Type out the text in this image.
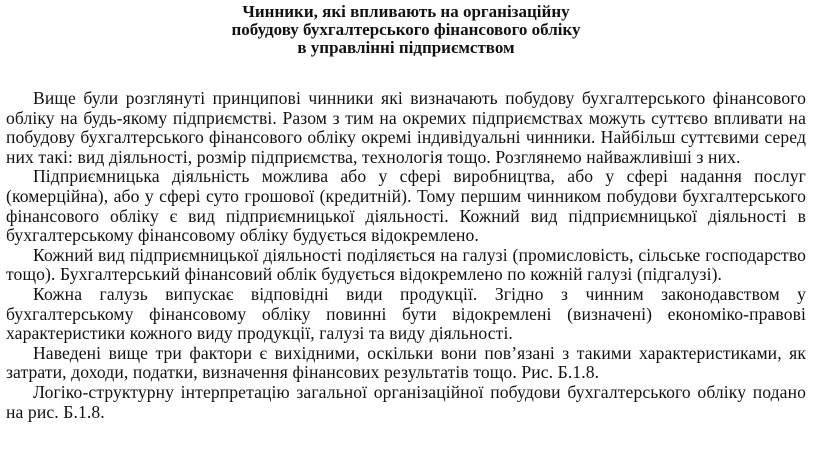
Чинники, які впливають на організаційну
побудову бухгалтерського фінансового обліку
в управлінні підприємством

Вище були розглянуті принципові чинники які визначають побудову бухгалтерського фінансового обліку на будь-якому підприємстві. Разом з тим на окремих підприємствах можуть суттєво впливати на побудову бухгалтерського фінансового обліку окремі індивідуальні чинники. Найбільш суттєвими серед них такі: вид діяльності, розмір підприємства, технологія тощо. Розглянемо найважливіші з них.

Підприємницька діяльність можлива або у сфері виробництва, або у сфері надання послуг (комерційна), або у сфері суто грошової (кредитній). Тому першим чинником побудови бухгалтерського фінансового обліку є вид підприємницької діяльності. Кожний вид підприємницької діяльності в бухгалтерському фінансовому обліку будується відокремлено.

Кожний вид підприємницької діяльності поділяється на галузі (промисловість, сільське господарство тощо). Бухгалтерський фінансовий облік будується відокремлено по кожній галузі (підгалузі).

Кожна галузь випускає відповідні види продукції. Згідно з чинним законодавством у бухгалтерському фінансовому обліку повинні бути відокремлені (визначені) економіко-правові характеристики кожного виду продукції, галузі та виду діяльності.

Наведені вище три фактори є вихідними, оскільки вони пов’язані з такими характеристиками, як затрати, доходи, податки, визначення фінансових результатів тощо. Рис. Б.1.8.

Логіко-структурну інтерпретацію загальної організаційної побудови бухгалтерського обліку подано на рис. Б.1.8.
